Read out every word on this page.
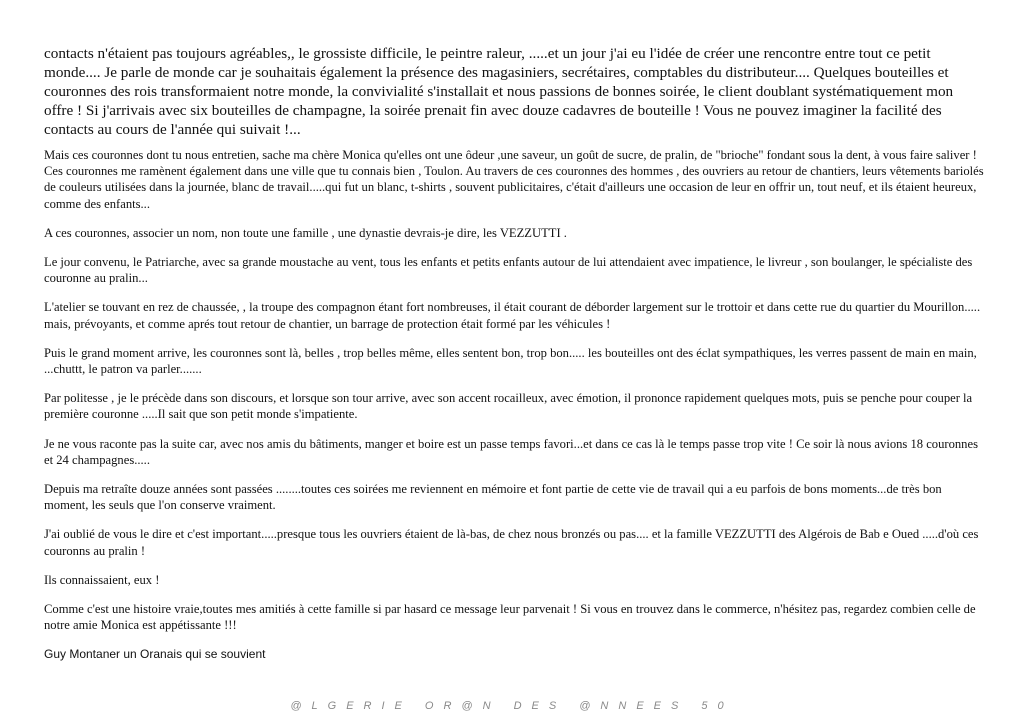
contacts n'étaient pas toujours agréables,, le grossiste difficile, le peintre raleur, .....et un jour j'ai eu l'idée de créer une rencontre entre tout ce petit monde.... Je parle de monde car je souhaitais également la présence des magasiniers, secrétaires, comptables du distributeur.... Quelques bouteilles et couronnes des rois transformaient notre monde, la convivialité s'installait et nous passions de bonnes soirée, le client doublant systématiquement mon offre ! Si j'arrivais avec six bouteilles de champagne, la soirée prenait fin avec douze cadavres de bouteille ! Vous ne pouvez imaginer la facilité des contacts au cours de l'année qui suivait !...

Mais ces couronnes dont tu nous entretien, sache ma chère Monica qu'elles ont une ôdeur ,une saveur, un goût de sucre, de pralin, de "brioche" fondant sous la dent, à vous faire saliver ! Ces couronnes me ramènent également dans une ville que tu connais bien , Toulon. Au travers de ces couronnes des hommes , des ouvriers au retour de chantiers, leurs vêtements bariolés de couleurs utilisées dans la journée, blanc de travail.....qui fut un blanc, t-shirts , souvent publicitaires, c'était d'ailleurs une occasion de leur en offrir un, tout neuf, et ils étaient heureux, comme des enfants...

A ces couronnes, associer un nom, non toute une famille , une dynastie devrais-je dire, les VEZZUTTI .

Le jour convenu, le Patriarche, avec sa grande moustache au vent, tous les enfants et petits enfants autour de lui attendaient avec impatience, le livreur , son boulanger, le spécialiste des couronne au pralin...

L'atelier se touvant en rez de chaussée, , la troupe des compagnon étant fort nombreuses, il était courant de déborder largement sur le trottoir et dans cette rue du quartier du Mourillon..... mais, prévoyants, et comme aprés tout retour de chantier, un barrage de protection était formé par les véhicules !

Puis le grand moment arrive, les couronnes sont là, belles , trop belles même, elles sentent bon, trop bon..... les bouteilles ont des éclat sympathiques, les verres passent de main en main, ...chuttt, le patron va parler.......

Par politesse , je le précède dans son discours, et lorsque son tour arrive, avec son accent rocailleux, avec émotion, il prononce rapidement quelques mots, puis se penche pour couper la première couronne .....Il sait que son petit monde s'impatiente.

Je ne vous raconte pas la suite car, avec nos amis du bâtiments, manger et boire est un passe temps favori...et dans ce cas là le temps passe trop vite ! Ce soir là nous avions 18 couronnes et 24 champagnes.....

Depuis ma retraîte douze années sont passées ........toutes ces soirées me reviennent en mémoire et font partie de cette vie de travail qui a eu parfois de bons moments...de très bon moment, les seuls que l'on conserve vraiment.

J'ai oublié de vous le dire et c'est important.....presque tous les ouvriers étaient de là-bas, de chez nous bronzés ou pas.... et la famille VEZZUTTI des Algérois de Bab e Oued .....d'où ces couronns au pralin !

Ils connaissaient, eux !

Comme c'est une histoire vraie,toutes mes amitiés à cette famille si par hasard ce message leur parvenait ! Si vous en trouvez dans le commerce, n'hésitez pas, regardez combien celle de notre amie Monica est appétissante !!!

Guy Montaner un Oranais qui se souvient

@LGERIE OR@N DES @NNEES 50
